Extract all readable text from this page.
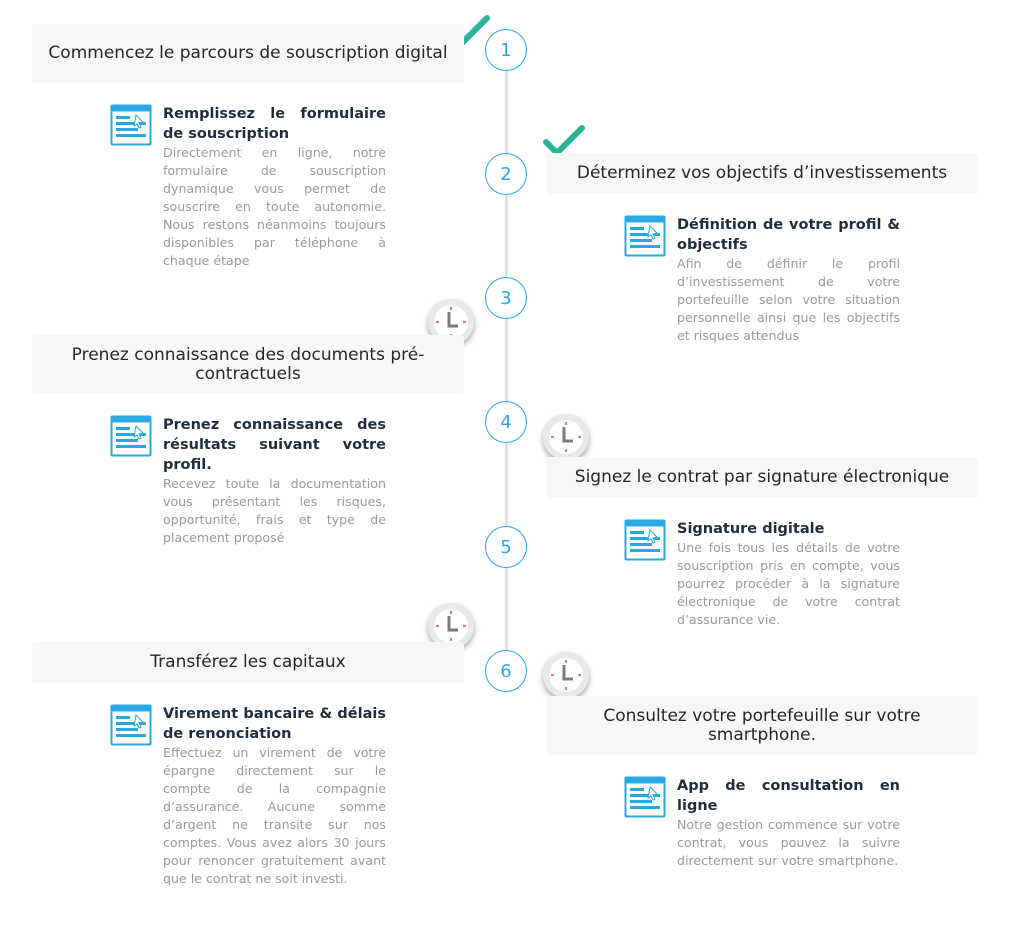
1
2
3
4
5
6
Commencez le parcours de souscription digital
Déterminez vos objectifs d’investissements
Prenez connaissance des documents pré-contractuels
Signez le contrat par signature électronique
Transférez les capitaux
Consultez votre portefeuille sur votre smartphone.
Remplissez le formulaire de souscription
Directement en ligne, notre formulaire de souscription dynamique vous permet de souscrire en toute autonomie. Nous restons néanmoins toujours disponibles par téléphone à chaque étape
Définition de votre profil & objectifs
Afin de définir le profil d’investissement de votre portefeuille selon votre situation personnelle ainsi que les objectifs et risques attendus
Prenez connaissance des résultats suivant votre profil.
Recevez toute la documentation vous présentant les risques, opportunité, frais et type de placement proposé
Signature digitale
Une fois tous les détails de votre souscription pris en compte, vous pourrez procéder à la signature électronique de votre contrat d’assurance vie.
Virement bancaire & délais de renonciation
Effectuez un virement de votre épargne directement sur le compte de la compagnie d’assurance. Aucune somme d’argent ne transite sur nos comptes. Vous avez alors 30 jours pour renoncer gratuitement avant que le contrat ne soit investi.
App de consultation en ligne
Notre gestion commence sur votre contrat, vous pouvez la suivre directement sur votre smartphone.
